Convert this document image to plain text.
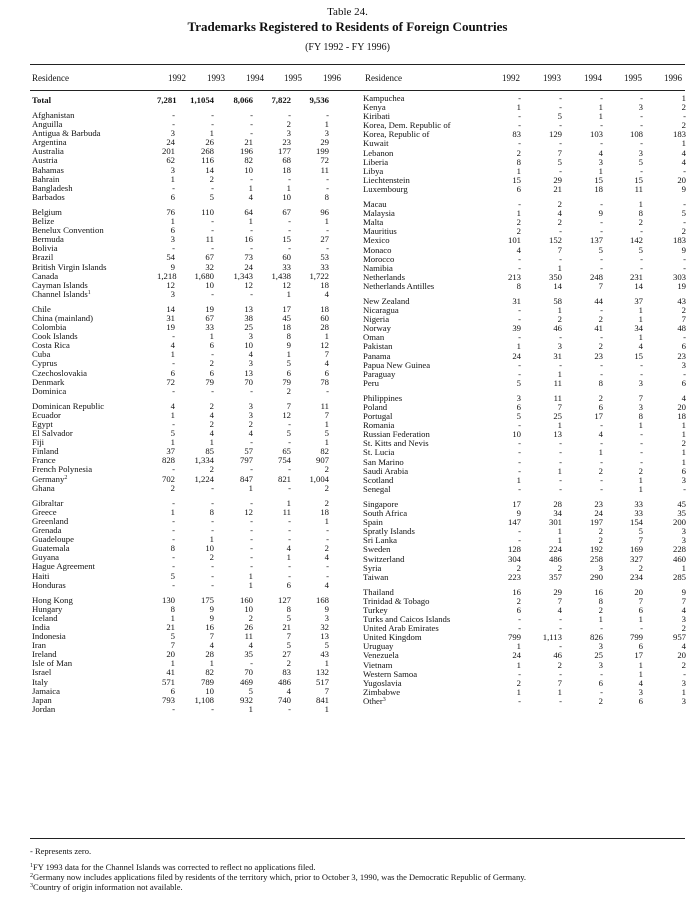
Table 24.
Trademarks Registered to Residents of Foreign Countries
(FY 1992 - FY 1996)
Residence	1992 1993 1994 1995 1996	Residence	1992	1993	1994 1995 1996
Total	7,281	1,1054	8,066	7,822	9,536
Afghanistan	-	-	-	-	-
Anguilla	-	-	-	2	1
Antigua & Barbuda	3	1	-	3	3
Argentina	24	26	21	23	29
Australia	201	268	196	177	199
Austria	62	116	82	68	72
Bahamas	3	14	10	18	11
Bahrain	1	2	-	-	-
Bangladesh	-	-	1	1	-
Barbados	6	5	4	10	8
Belgium	76	110	64	67	96
Belize	1	-	1	-	1
Benelux Convention	6	-	-	-	-
Bermuda	3	11	16	15	27
Bolivia	-	-	-	-	-
Brazil	54	67	73	60	53
British Virgin Islands	9	32	24	33	33
Canada	1,218	1,680	1,343	1,438	1,722
Cayman Islands	12	10	12	12	18
Channel Islands1	3	-	-	1	4
Chile	14	19	13	17	18
China (mainland)	31	67	38	45	60
Colombia	19	33	25	18	28
Cook Islands	-	1	3	8	1
Costa Rica	4	6	10	9	12
Cuba	1	-	4	1	7
Cyprus	-	2	3	5	4
Czechoslovakia	6	6	13	6	6
Denmark	72	79	70	79	78
Dominica	-	-	-	2	-
Dominican Republic	4	2	3	7	11
Ecuador	1	4	3	12	7
Egypt	-	2	2	-	1
El Salvador	5	4	4	5	5
Fiji	1	1	-	-	1
Finland	37	85	57	65	82
France	828	1,334	797	754	907
French Polynesia	-	2	-	-	2
Germany2	702	1,224	847	821	1,004
Ghana	2	-	1	-	2
Gibraltar	-	-	-	1	2
Greece	1	8	12	11	18
Greenland	-	-	-	-	1
Grenada	-	-	-	-	-
Guadeloupe	-	1	-	-	-
Guatemala	8	10	-	4	2
Guyana	-	2	-	1	4
Hague Agreement	-	-	-	-	-
Haiti	5	-	1	-	-
Honduras	-	-	1	6	4
Hong Kong	130	175	160	127	168
Hungary	8	9	10	8	9
Iceland	1	9	2	5	3
India	21	16	26	21	32
Indonesia	5	7	11	7	13
Iran	7	4	4	5	5
Ireland	20	28	35	27	43
Isle of Man	1	1	-	2	1
Israel	41	82	70	83	132
Italy	571	789	469	486	517
Jamaica	6	10	5	4	7
Japan	793	1,108	932	740	841
Jordan	-	-	1	-	1
Kampuchea	-	-	-	-	1
Kenya	1	-	1	3	2
Kiribati	-	5	1	-	-
Korea, Dem. Republic of	-	-	-	-	2
Korea, Republic of	83	129	103	108	183
Kuwait	-	-	-	-	1
Lebanon	2	7	4	3	4
Liberia	8	5	3	5	4
Libya	1	-	1	-	-
Liechtenstein	15	29	15	15	20
Luxembourg	6	21	18	11	9
Macau	-	2	-	1	-
Malaysia	1	4	9	8	5
Malta	2	2	-	2	-
Mauritius	2	-	-	-	2
Mexico	101	152	137	142	183
Monaco	4	7	5	5	9
Morocco	-	-	-	-	-
Namibia	-	1	-	-	-
Netherlands	213	350	248	231	303
Netherlands Antilles	8	14	7	14	19
New Zealand	31	58	44	37	43
Nicaragua	-	1	-	1	2
Nigeria	-	2	2	1	7
Norway	39	46	41	34	48
Oman	-	-	-	1	-
Pakistan	1	3	2	4	6
Panama	24	31	23	15	23
Papua New Guinea	-	-	-	-	3
Paraguay	-	1	-	-	-
Peru	5	11	8	3	6
Philippines	3	11	2	7	4
Poland	6	7	6	3	20
Portugal	5	25	17	8	18
Romania	-	1	-	1	1
Russian Federation	10	13	4	-	1
St. Kitts and Nevis	-	-	-	-	2
St. Lucia	-	-	1	-	1
San Marino	-	-	-	-	1
Saudi Arabia	-	1	2	2	6
Scotland	1	-	-	1	3
Senegal	-	-	-	1	-
Singapore	17	28	23	33	45
South Africa	9	34	24	33	35
Spain	147	301	197	154	200
Spratly Islands	-	1	2	5	3
Sri Lanka	-	1	2	7	3
Sweden	128	224	192	169	228
Switzerland	304	486	258	327	460
Syria	2	2	3	2	1
Taiwan	223	357	290	234	285
Thailand	16	29	16	20	9
Trinidad & Tobago	2	7	8	7	7
Turkey	6	4	2	6	4
Turks and Caicos Islands	-	-	1	1	3
United Arab Emirates	-	-	-	-	2
United Kingdom	799	1,113	826	799	957
Uruguay	1	-	3	6	4
Venezuela	24	46	25	17	20
Vietnam	1	2	3	1	2
Western Samoa	-	-	-	1	-
Yugoslavia	2	7	6	4	3
Zimbabwe	1	1	-	3	1
Other3	-	-	2	6	3
- Represents zero.
1FY 1993 data for the Channel Islands was corrected to reflect no applications filed.
2Germany now includes applications filed by residents of the territory which, prior to October 3, 1990, was the Democratic Republic of Germany.
3Country of origin information not available.
